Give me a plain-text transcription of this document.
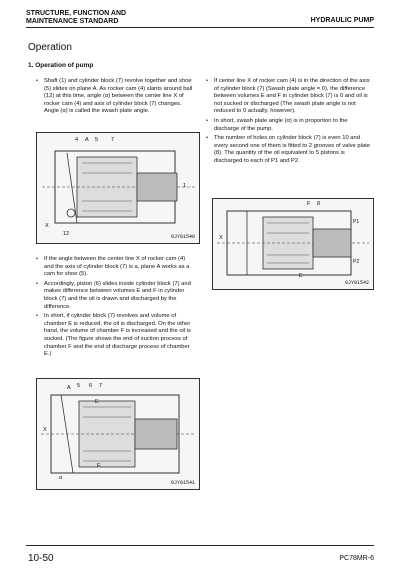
STRUCTURE, FUNCTION AND
MAINTENANCE STANDARD	HYDRAULIC PUMP
Operation
1. Operation of pump
• Shaft (1) and cylinder block (7) revolve together and shoe (5) slides on plane A. As rocker cam (4) slants around ball (12) at this time, angle (α) between the center line X of rocker cam (4) and axis of cylinder block (7) changes. Angle (α) is called the swash plate angle.
4 A 5 7
1
X
12	9JY01540
• If the angle between the center line X of rocker cam (4) and the axis of cylinder block (7) is a, plane A works as a cam for shoe (5).
• Accordingly, piston (6) slides inside cylinder block (7) and makes difference between volumes E and F in cylinder block (7) and the oil is drawn and discharged by the difference.
• In short, if cylinder block (7) revolves and volume of chamber E is reduced, the oil is discharged. On the other hand, the volume of chamber F is increased and the oil is sucked. (The figure shows the end of suction process of chamber F and the end of discharge process of chamber E.)
5 6 7
A
E
X
F
α
9JY01541
• If center line X of rocker cam (4) is in the direction of the axis of cylinder block (7) (Swash plate angle = 0), the difference between volumes E and F in cylinder block (7) is 0 and oil is not sucked or discharged (The swash plate angle is not reduced to 0 actually, however).
• In short, swash plate angle (α) is in proportion to the discharge of the pump.
• The number of holes on cylinder block (7) is even 10 and every second one of them is fitted to 2 grooves of valve plate (8). The quantity of the oil equivalent to 5 pistons is discharged to each of P1 and P2.
F 8
X
E
P1
P2
9JY01542
10-50	PC78MR-6
